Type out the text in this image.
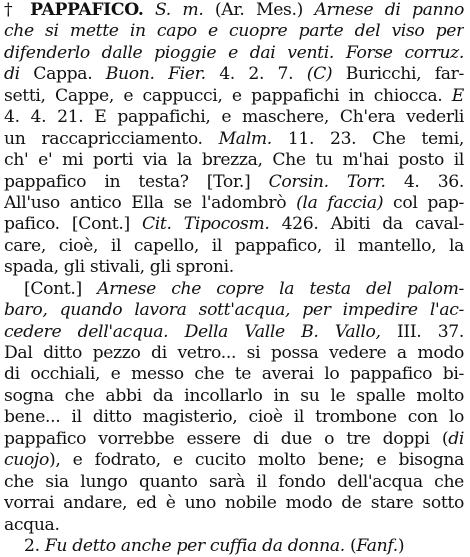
† PAPPAFICO. S. m. (Ar. Mes.) Arnese di panno
che si mette in capo e cuopre parte del viso per
difenderlo dalle pioggie e dai venti. Forse corruz.
di Cappa. Buon. Fier. 4. 2. 7. (C) Buricchi, far-
setti, Cappe, e cappucci, e pappafichi in chiocca. E
4. 4. 21. E pappafichi, e maschere, Ch'era vederli
un raccapricciamento. Malm. 11. 23. Che temi,
ch' e' mi porti via la brezza, Che tu m'hai posto il
pappafico in testa? [Tor.] Corsin. Torr. 4. 36.
All'uso antico Ella se l'adombrò (la faccia) col pap-
pafico. [Cont.] Cit. Tipocosm. 426. Abiti da caval-
care, cioè, il capello, il pappafico, il mantello, la
spada, gli stivali, gli sproni.
[Cont.] Arnese che copre la testa del palom-
baro, quando lavora sott'acqua, per impedire l'ac-
cedere dell'acqua. Della Valle B. Vallo, III. 37.
Dal ditto pezzo di vetro... si possa vedere a modo
di occhiali, e messo che te averai lo pappafico bi-
sogna che abbi da incollarlo in su le spalle molto
bene... il ditto magisterio, cioè il trombone con lo
pappafico vorrebbe essere di due o tre doppi (di
cuojo), e fodrato, e cucito molto bene; e bisogna
che sia lungo quanto sarà il fondo dell'acqua che
vorrai andare, ed è uno nobile modo de stare sotto
acqua.
2. Fu detto anche per cuffia da donna. (Fanf.)
